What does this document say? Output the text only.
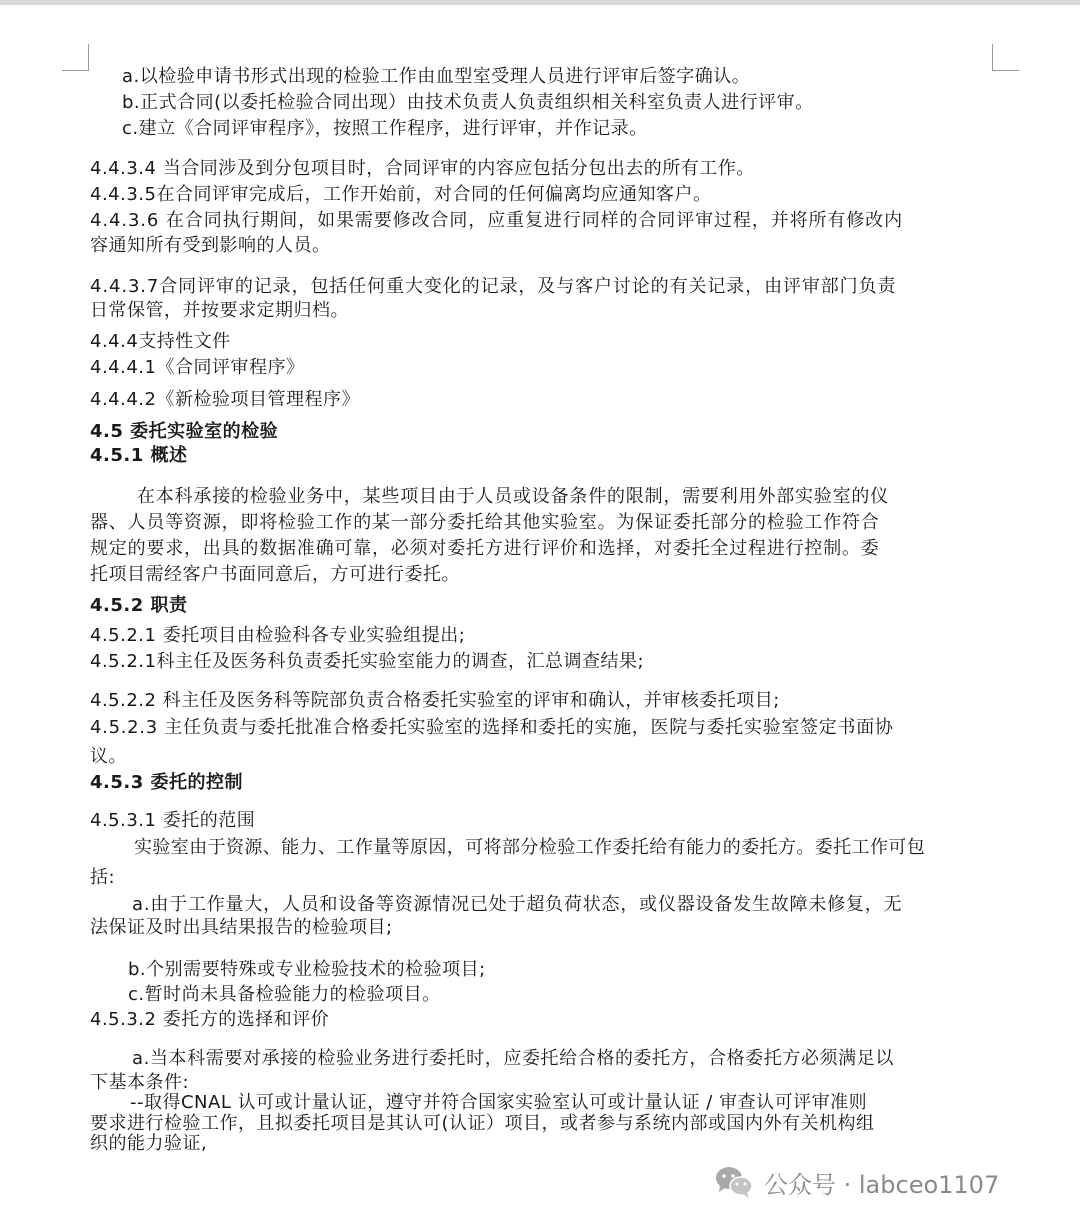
a.以检验申请书形式出现的检验工作由血型室受理人员进行评审后签字确认。
b.正式合同(以委托检验合同出现）由技术负责人负责组织相关科室负责人进行评审。
c.建立《合同评审程序》，按照工作程序，进行评审，并作记录。
4.4.3.4 当合同涉及到分包项目时，合同评审的内容应包括分包出去的所有工作。
4.4.3.5在合同评审完成后，工作开始前，对合同的任何偏离均应通知客户。
4.4.3.6 在合同执行期间，如果需要修改合同，应重复进行同样的合同评审过程，并将所有修改内
容通知所有受到影响的人员。
4.4.3.7合同评审的记录，包括任何重大变化的记录，及与客户讨论的有关记录，由评审部门负责
日常保管，并按要求定期归档。
4.4.4支持性文件
4.4.4.1《合同评审程序》
4.4.4.2《新检验项目管理程序》
4.5 委托实验室的检验
4.5.1 概述
在本科承接的检验业务中，某些项目由于人员或设备条件的限制，需要利用外部实验室的仪
器、人员等资源，即将检验工作的某一部分委托给其他实验室。为保证委托部分的检验工作符合
规定的要求，出具的数据准确可靠，必须对委托方进行评价和选择，对委托全过程进行控制。委
托项目需经客户书面同意后，方可进行委托。
4.5.2 职责
4.5.2.1 委托项目由检验科各专业实验组提出;
4.5.2.1科主任及医务科负责委托实验室能力的调查，汇总调查结果;
4.5.2.2 科主任及医务科等院部负责合格委托实验室的评审和确认，并审核委托项目;
4.5.2.3 主任负责与委托批准合格委托实验室的选择和委托的实施，医院与委托实验室签定书面协
议。
4.5.3 委托的控制
4.5.3.1 委托的范围
实验室由于资源、能力、工作量等原因，可将部分检验工作委托给有能力的委托方。委托工作可包
括:
a.由于工作量大，人员和设备等资源情况已处于超负荷状态，或仪器设备发生故障未修复，无
法保证及时出具结果报告的检验项目;
b.个别需要特殊或专业检验技术的检验项目;
c.暂时尚未具备检验能力的检验项目。
4.5.3.2 委托方的选择和评价
a.当本科需要对承接的检验业务进行委托时，应委托给合格的委托方，合格委托方必须满足以
下基本条件:
--取得CNAL 认可或计量认证，遵守并符合国家实验室认可或计量认证 / 审查认可评审准则
要求进行检验工作，且拟委托项目是其认可(认证）项目，或者参与系统内部或国内外有关机构组
织的能力验证,
公众号 · labceo1107
